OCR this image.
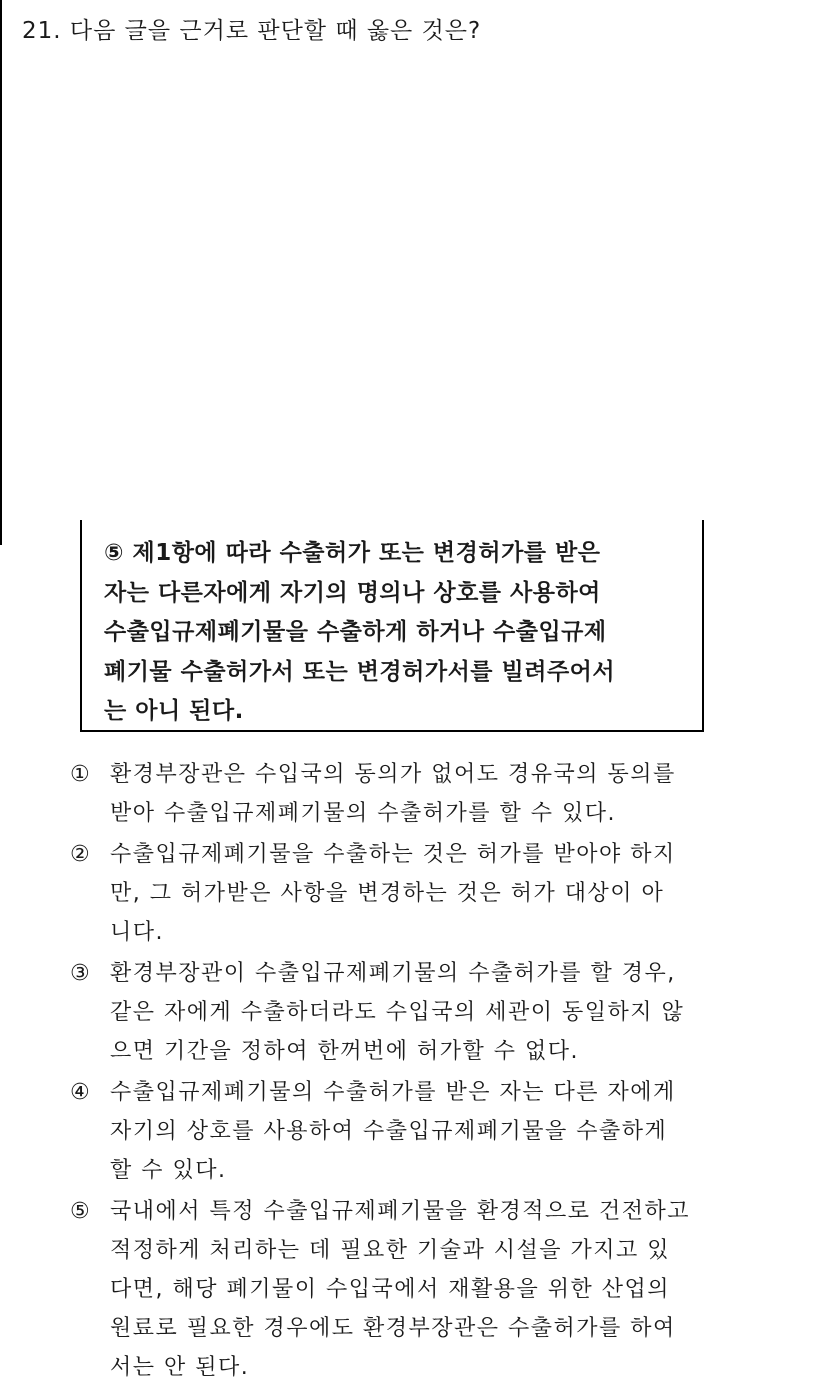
21. 다음 글을 근거로 판단할 때 옳은 것은?
⑤ 제1항에 따라 수출허가 또는 변경허가를 받은
자는 다른자에게 자기의 명의나 상호를 사용하여
수출입규제폐기물을 수출하게 하거나 수출입규제
폐기물 수출허가서 또는 변경허가서를 빌려주어서
는 아니 된다.
① 환경부장관은 수입국의 동의가 없어도 경유국의 동의를
받아 수출입규제폐기물의 수출허가를 할 수 있다.
② 수출입규제폐기물을 수출하는 것은 허가를 받아야 하지
만, 그 허가받은 사항을 변경하는 것은 허가 대상이 아
니다.
③ 환경부장관이 수출입규제폐기물의 수출허가를 할 경우,
같은 자에게 수출하더라도 수입국의 세관이 동일하지 않
으면 기간을 정하여 한꺼번에 허가할 수 없다.
④ 수출입규제폐기물의 수출허가를 받은 자는 다른 자에게
자기의 상호를 사용하여 수출입규제폐기물을 수출하게
할 수 있다.
⑤ 국내에서 특정 수출입규제폐기물을 환경적으로 건전하고
적정하게 처리하는 데 필요한 기술과 시설을 가지고 있
다면, 해당 폐기물이 수입국에서 재활용을 위한 산업의
원료로 필요한 경우에도 환경부장관은 수출허가를 하여
서는 안 된다.
